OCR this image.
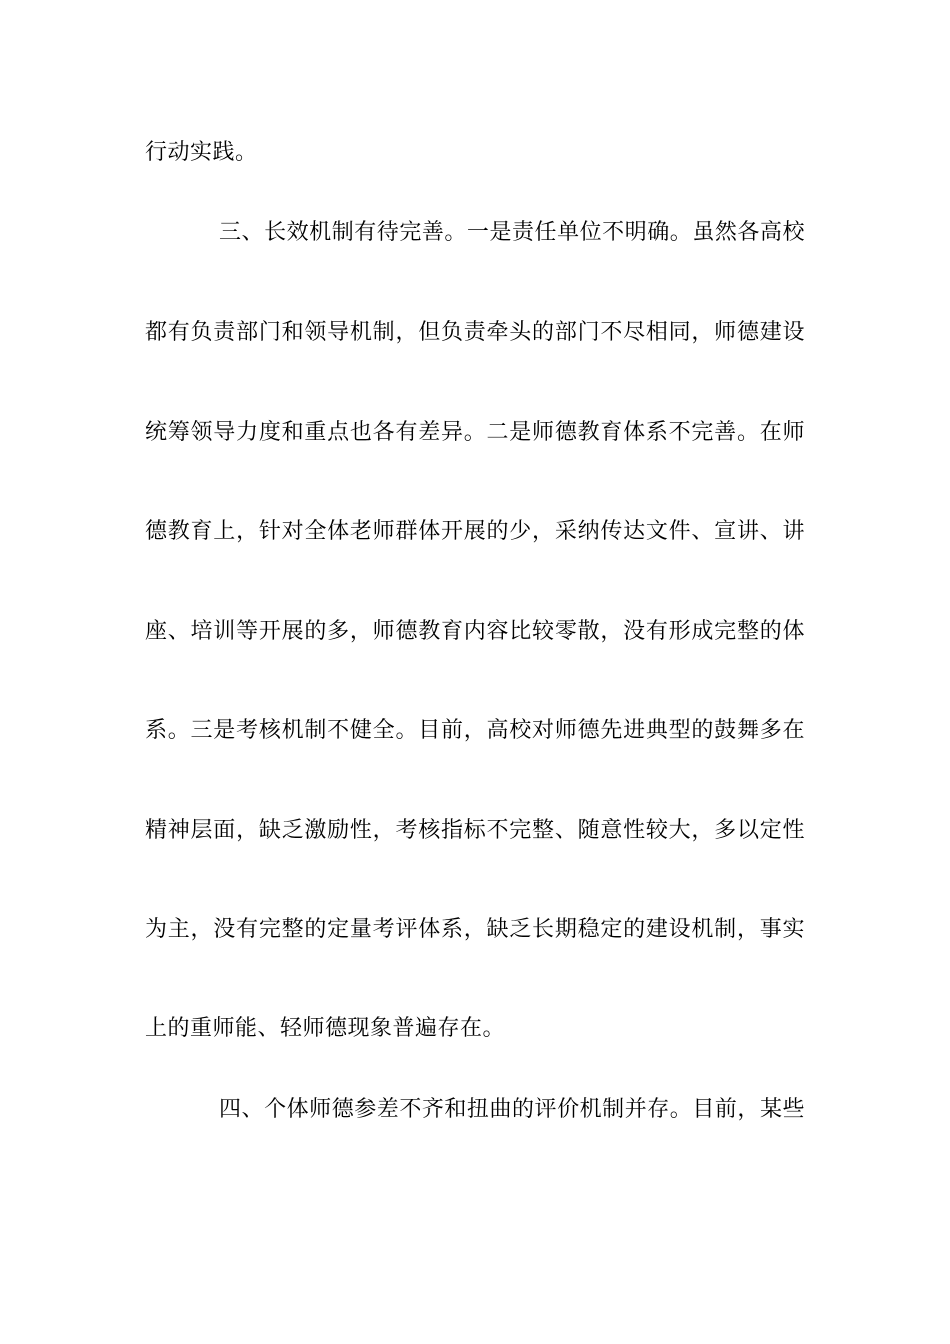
行动实践。
三、长效机制有待完善。一是责任单位不明确。虽然各高校
都有负责部门和领导机制，但负责牵头的部门不尽相同，师德建设
统筹领导力度和重点也各有差异。二是师德教育体系不完善。在师
德教育上，针对全体老师群体开展的少，采纳传达文件、宣讲、讲
座、培训等开展的多，师德教育内容比较零散，没有形成完整的体
系。三是考核机制不健全。目前，高校对师德先进典型的鼓舞多在
精神层面，缺乏激励性，考核指标不完整、随意性较大，多以定性
为主，没有完整的定量考评体系，缺乏长期稳定的建设机制，事实
上的重师能、轻师德现象普遍存在。
四、个体师德参差不齐和扭曲的评价机制并存。目前，某些
